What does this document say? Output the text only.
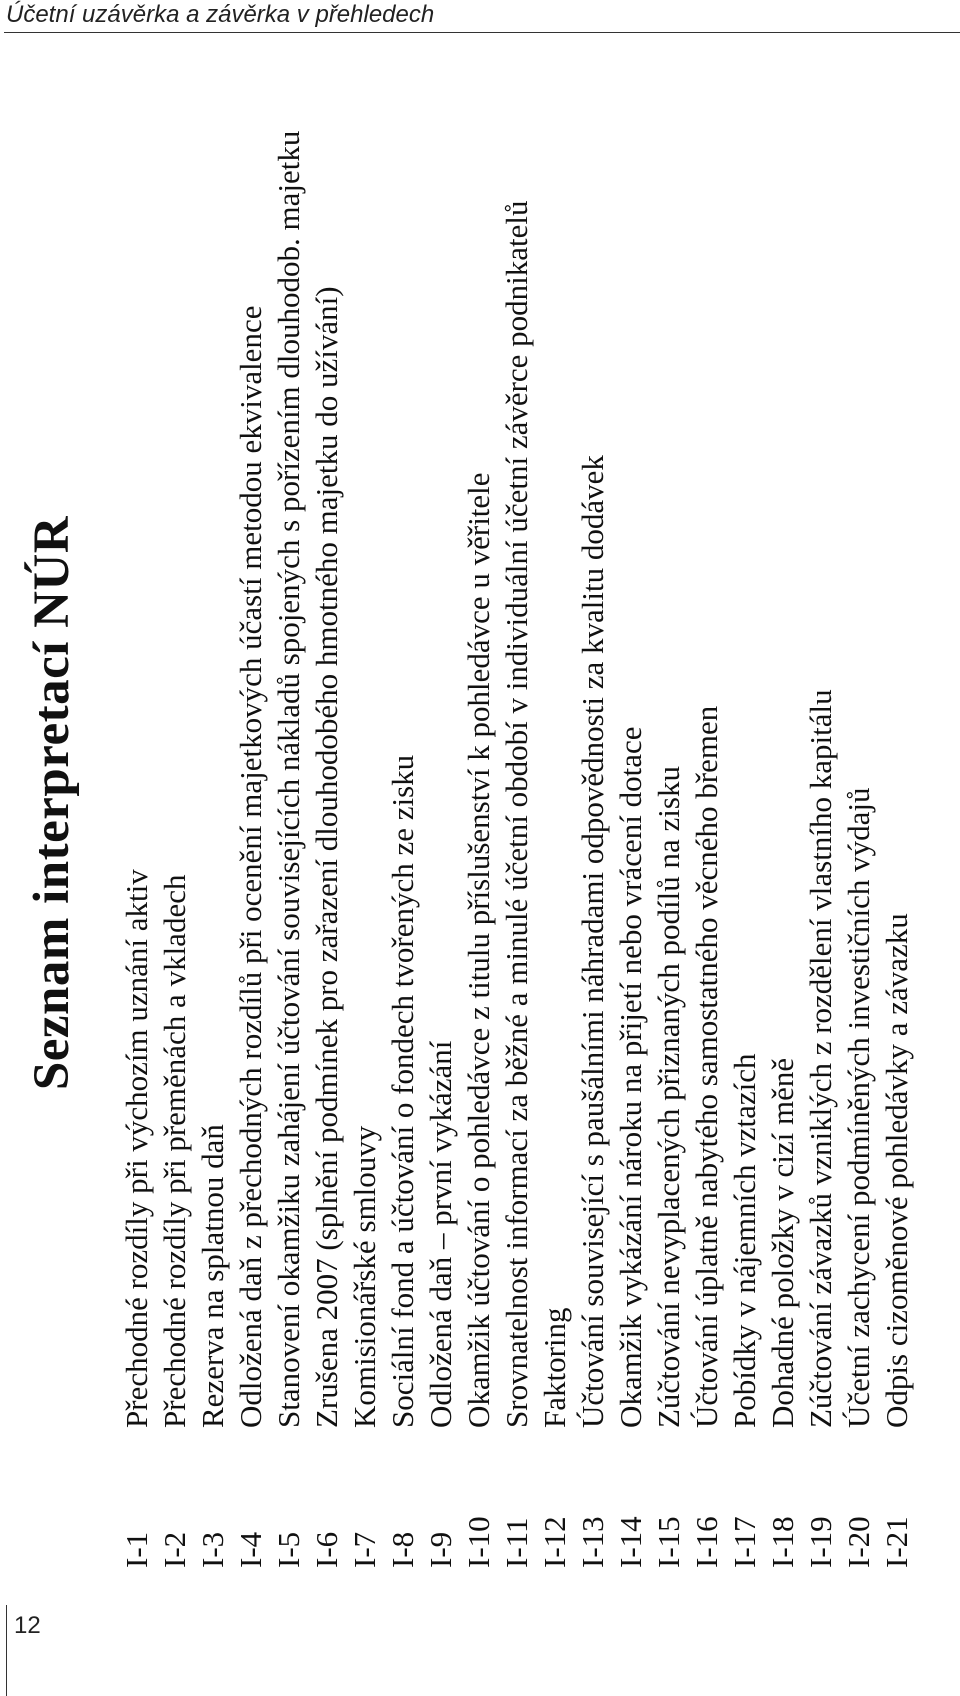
Účetní uzávěrka a závěrka v přehledech
Seznam interpretací NÚR
I-1
Přechodné rozdíly při výchozím uznání aktiv
I-2
Přechodné rozdíly při přeměnách a vkladech
I-3
Rezerva na splatnou daň
I-4
Odložená daň z přechodných rozdílů při ocenění majetkových účastí metodou ekvivalence
I-5
Stanovení okamžiku zahájení účtování souvisejících nákladů spojených s pořízením dlouhodob. majetku
I-6
Zrušena 2007 (splnění podmínek pro zařazení dlouhodobého hmotného majetku do užívání)
I-7
Komisionářské smlouvy
I-8
Sociální fond a účtování o fondech tvořených ze zisku
I-9
Odložená daň – první vykázání
I-10
Okamžik účtování o pohledávce z titulu příslušenství k pohledávce u věřitele
I-11
Srovnatelnost informací za běžné a minulé účetní období v individuální účetní závěrce podnikatelů
I-12
Faktoring
I-13
Účtování související s paušálními náhradami odpovědnosti za kvalitu dodávek
I-14
Okamžik vykázání nároku na přijetí nebo vrácení dotace
I-15
Zúčtování nevyplacených přiznaných podílů na zisku
I-16
Účtování úplatně nabytého samostatného věcného břemen
I-17
Pobídky v nájemních vztazích
I-18
Dohadné položky v cizí měně
I-19
Zúčtování závazků vzniklých z rozdělení vlastního kapitálu
I-20
Účetní zachycení podmíněných investičních výdajů
I-21
Odpis cizoměnové pohledávky a závazku
12
